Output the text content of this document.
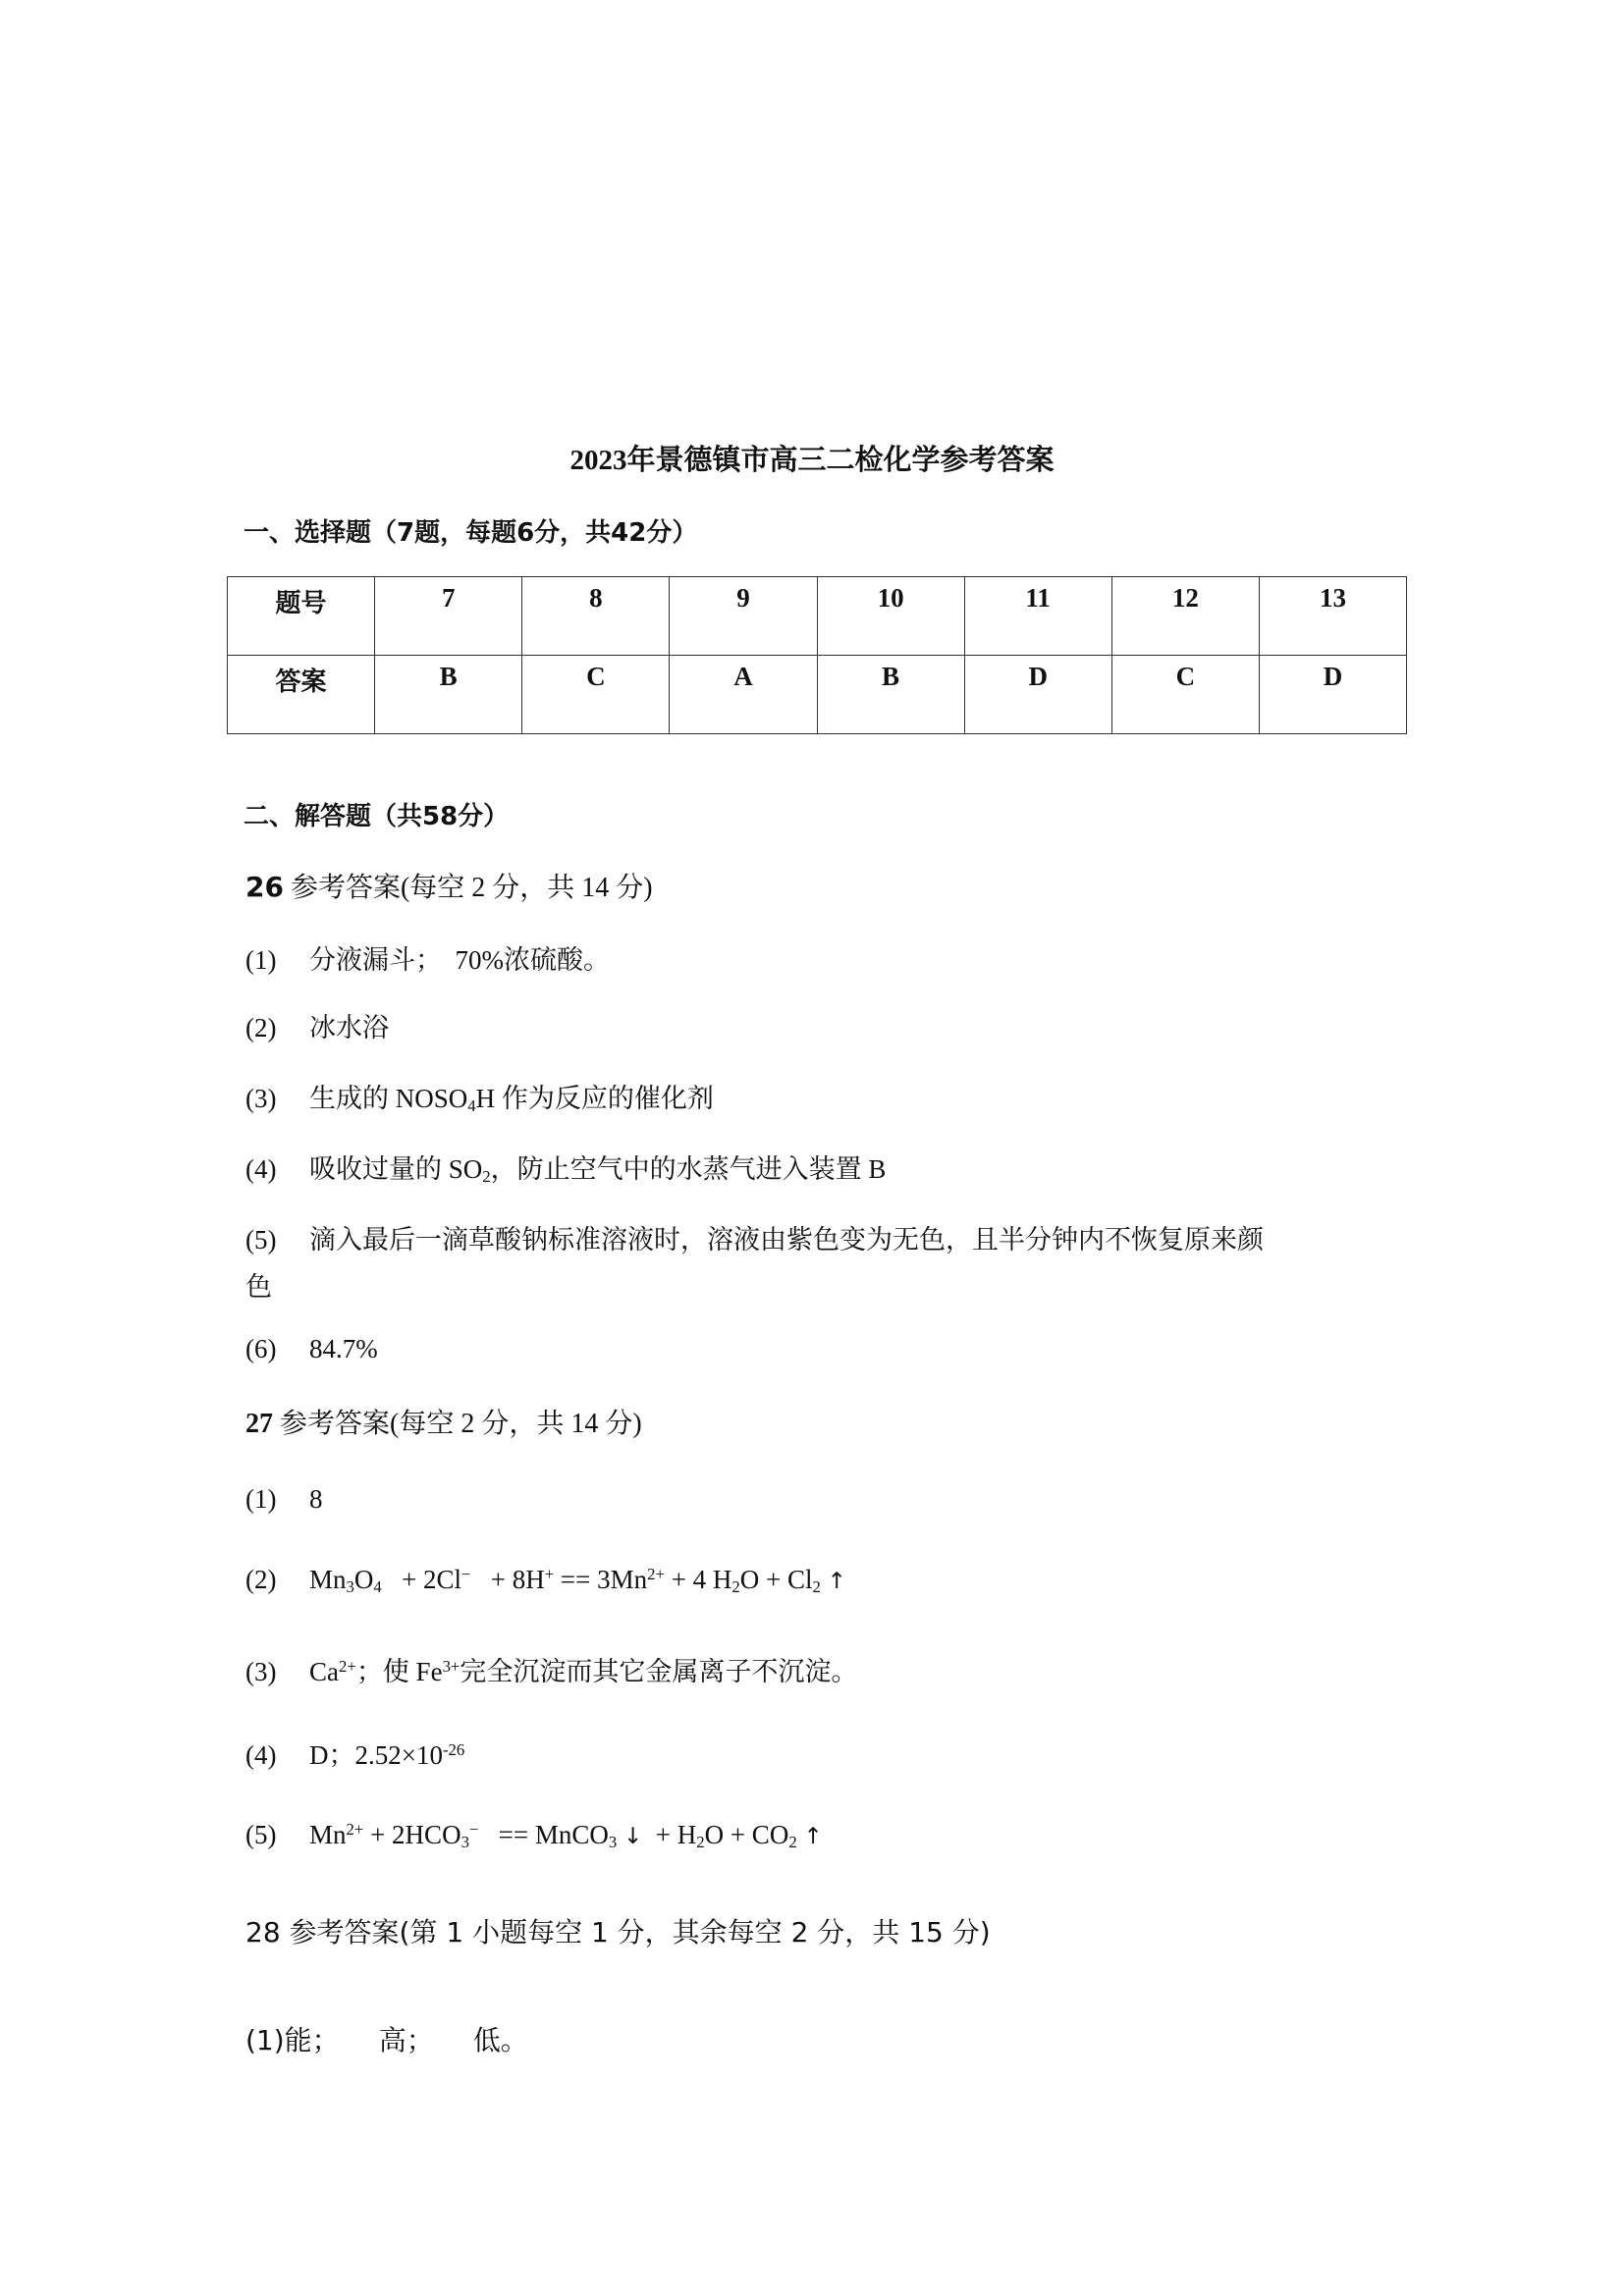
2023年景德镇市高三二检化学参考答案
一、选择题（7题，每题6分，共42分）
题号	7	8	9	10	11	12	13
答案	B	C	A	B	D	C	D
二、解答题（共58分）
26 参考答案(每空 2 分，共 14 分)
(1) 分液漏斗；　70%浓硫酸。
(2) 冰水浴
(3) 生成的 $NOSO_4H$ 作为反应的催化剂
(4) 吸收过量的 $SO_2$，防止空气中的水蒸气进入装置 B
(5) 滴入最后一滴草酸钠标准溶液时，溶液由紫色变为无色，且半分钟内不恢复原来颜
色
(6) 84.7%
27 参考答案(每空 2 分，共 14 分)
(1) 8
(2) $Mn_3O_4 + 2Cl^- + 8H^+ == 3Mn^{2+} + 4$ $H_2O + Cl_2$ ↑
(3) $Ca^{2+}$；使 $Fe^{3+}$完全沉淀而其它金属离子不沉淀。
(4) D；$2.52\times 10^{-26}$
(5) $Mn^{2+} + 2HCO_3^-$ == MnCO$_3$ ↓ + $H_2O + CO_2$ ↑
28 参考答案(第 1 小题每空 1 分，其余每空 2 分，共 15 分)
(1)能； 高； 低。
